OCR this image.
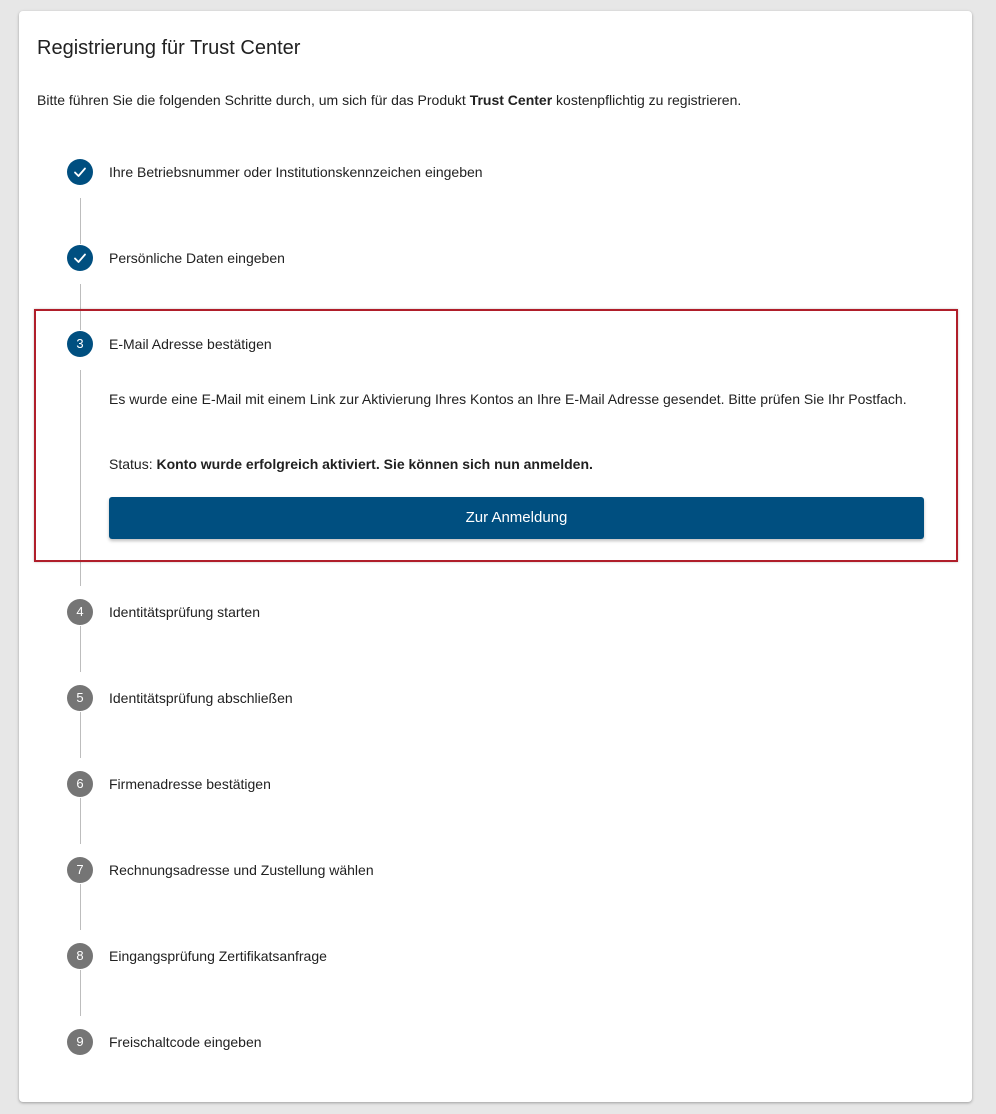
Registrierung für Trust Center

Bitte führen Sie die folgenden Schritte durch, um sich für das Produkt Trust Center kostenpflichtig zu registrieren.

Ihre Betriebsnummer oder Institutionskennzeichen eingeben
Persönliche Daten eingeben
3	E-Mail Adresse bestätigen
Es wurde eine E-Mail mit einem Link zur Aktivierung Ihres Kontos an Ihre E-Mail Adresse gesendet. Bitte prüfen Sie Ihr Postfach.
Status: Konto wurde erfolgreich aktiviert. Sie können sich nun anmelden.
Zur Anmeldung
4	Identitätsprüfung starten
5	Identitätsprüfung abschließen
6	Firmenadresse bestätigen
7	Rechnungsadresse und Zustellung wählen
8	Eingangsprüfung Zertifikatsanfrage
9	Freischaltcode eingeben
